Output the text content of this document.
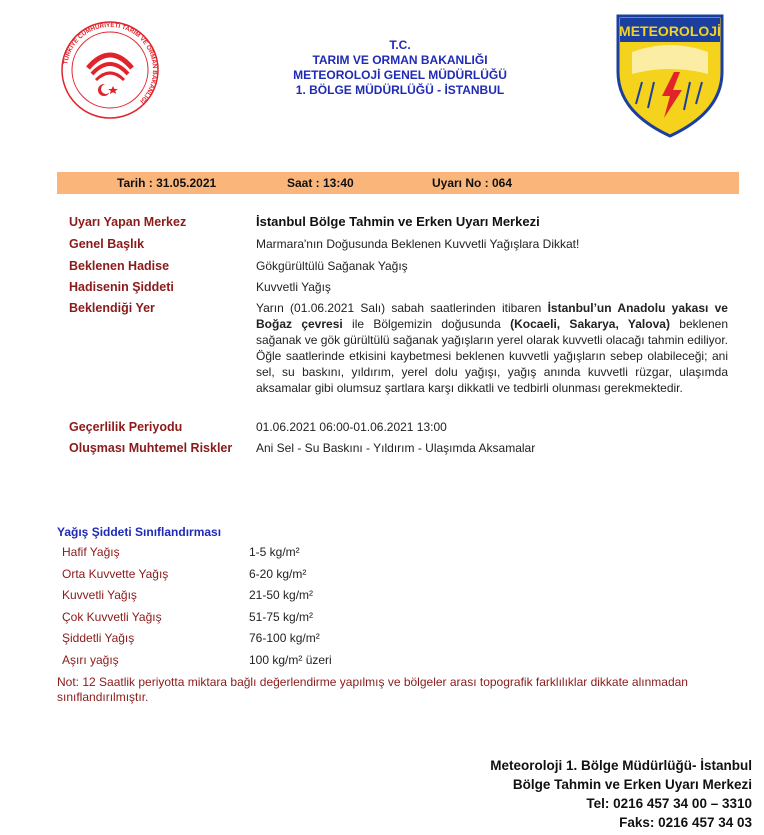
TÜRKİYE CUMHURİYETİ TARIM VE ORMAN BAKANLIĞI
T.C.
TARIM VE ORMAN BAKANLIĞI
METEOROLOJİ GENEL MÜDÜRLÜĞÜ
1. BÖLGE MÜDÜRLÜĞÜ - İSTANBUL
METEOROLOJİ
Tarih : 31.05.2021	Saat : 13:40	Uyarı No : 064
Uyarı Yapan Merkez	İstanbul Bölge Tahmin ve Erken Uyarı Merkezi
Genel Başlık	Marmara'nın Doğusunda Beklenen Kuvvetli Yağışlara Dikkat!
Beklenen Hadise	Gökgürültülü Sağanak Yağış
Hadisenin Şiddeti	Kuvvetli Yağış
Beklendiği Yer	Yarın (01.06.2021 Salı) sabah saatlerinden itibaren İstanbul’un Anadolu yakası ve Boğaz çevresi ile Bölgemizin doğusunda (Kocaeli, Sakarya, Yalova) beklenen sağanak ve gök gürültülü sağanak yağışların yerel olarak kuvvetli olacağı tahmin ediliyor. Öğle saatlerinde etkisini kaybetmesi beklenen kuvvetli yağışların sebep olabileceği; ani sel, su baskını, yıldırım, yerel dolu yağışı, yağış anında kuvvetli rüzgar, ulaşımda aksamalar gibi olumsuz şartlara karşı dikkatli ve tedbirli olunması gerekmektedir.
Geçerlilik Periyodu	01.06.2021 06:00-01.06.2021 13:00
Oluşması Muhtemel Riskler	Ani Sel - Su Baskını - Yıldırım - Ulaşımda Aksamalar
Yağış Şiddeti Sınıflandırması
Hafif Yağış	1-5 kg/m²
Orta Kuvvette Yağış	6-20 kg/m²
Kuvvetli Yağış	21-50 kg/m²
Çok Kuvvetli Yağış	51-75 kg/m²
Şiddetli Yağış	76-100 kg/m²
Aşırı yağış	100 kg/m² üzeri
Not: 12 Saatlik periyotta miktara bağlı değerlendirme yapılmış ve bölgeler arası topografik farklılıklar dikkate alınmadan sınıflandırılmıştır.
Meteoroloji 1. Bölge Müdürlüğü- İstanbul
Bölge Tahmin ve Erken Uyarı Merkezi
Tel: 0216 457 34 00 – 3310
Faks: 0216 457 34 03
